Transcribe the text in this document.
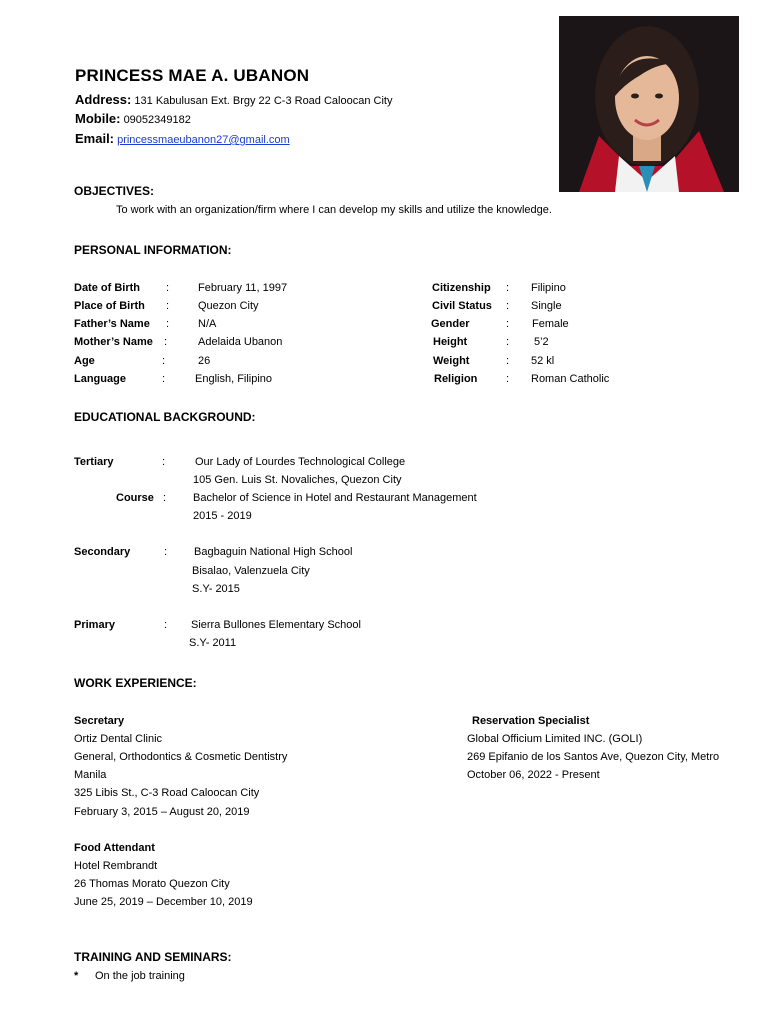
PRINCESS MAE A. UBANON
Address: 131 Kabulusan Ext. Brgy 22 C-3 Road Caloocan City
Mobile: 09052349182
Email: princessmaeubanon27@gmail.com
OBJECTIVES:
To work with an organization/firm where I can develop my skills and utilize the knowledge.
PERSONAL INFORMATION:
Date of Birth :	February 11, 1997
Place of Birth :	Quezon City
Father’s Name :	N/A
Mother’s Name :	Adelaida Ubanon
Age	:	26
Language	:	English, Filipino
Citizenship : Filipino
Civil Status : Single
Gender	: Female
Height	: 5’2
Weight	: 52 kl
Religion	: Roman Catholic
EDUCATIONAL BACKGROUND:
Tertiary	:	Our Lady of Lourdes Technological College
105 Gen. Luis St. Novaliches, Quezon City
Course : Bachelor of Science in Hotel and Restaurant Management
2015 - 2019
Secondary	: Bagbaguin National High School
Bisalao, Valenzuela City
S.Y- 2015
Primary	: Sierra Bullones Elementary School
S.Y- 2011
WORK EXPERIENCE:
Secretary
Ortiz Dental Clinic
General, Orthodontics & Cosmetic Dentistry
Manila
325 Libis St., C-3 Road Caloocan City
February 3, 2015 – August 20, 2019
Food Attendant
Hotel Rembrandt
26 Thomas Morato Quezon City
June 25, 2019 – December 10, 2019
Reservation Specialist
Global Officium Limited INC. (GOLI)
269 Epifanio de los Santos Ave, Quezon City, Metro
October 06, 2022 - Present
TRAINING AND SEMINARS:
* On the job training
